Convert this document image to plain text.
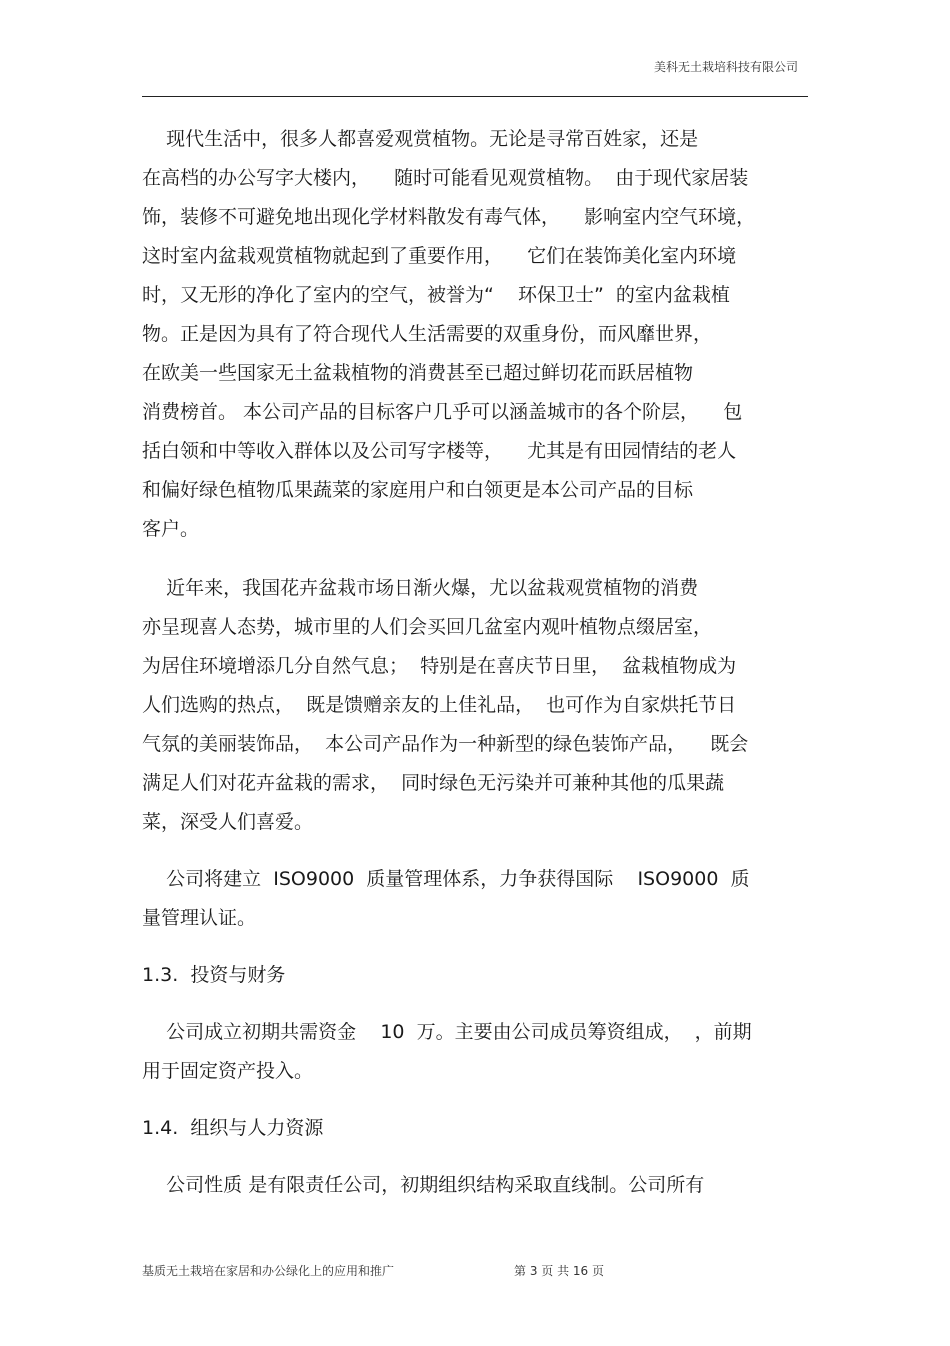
美科无土栽培科技有限公司
现代生活中，很多人都喜爱观赏植物。无论是寻常百姓家，还是
在高档的办公写字大楼内，    随时可能看见观赏植物。  由于现代家居装
饰，装修不可避免地出现化学材料散发有毒气体，    影响室内空气环境，
这时室内盆栽观赏植物就起到了重要作用，    它们在装饰美化室内环境
时，又无形的净化了室内的空气，被誉为“    环保卫士”  的室内盆栽植
物。正是因为具有了符合现代人生活需要的双重身份，而风靡世界，
在欧美一些国家无土盆栽植物的消费甚至已超过鲜切花而跃居植物
消费榜首。 本公司产品的目标客户几乎可以涵盖城市的各个阶层，    包
括白领和中等收入群体以及公司写字楼等，    尤其是有田园情结的老人
和偏好绿色植物瓜果蔬菜的家庭用户和白领更是本公司产品的目标
客户。
近年来，我国花卉盆栽市场日渐火爆，尤以盆栽观赏植物的消费
亦呈现喜人态势，城市里的人们会买回几盆室内观叶植物点缀居室，
为居住环境增添几分自然气息；  特别是在喜庆节日里，  盆栽植物成为
人们选购的热点，  既是馈赠亲友的上佳礼品，  也可作为自家烘托节日
气氛的美丽装饰品，  本公司产品作为一种新型的绿色装饰产品，    既会
满足人们对花卉盆栽的需求，  同时绿色无污染并可兼种其他的瓜果蔬
菜，深受人们喜爱。
公司将建立  ISO9000  质量管理体系，力争获得国际    ISO9000  质
量管理认证。
1.3.  投资与财务
公司成立初期共需资金    10  万。主要由公司成员筹资组成，  ，前期
用于固定资产投入。
1.4.  组织与人力资源
公司性质 是有限责任公司，初期组织结构采取直线制。公司所有
基质无土栽培在家居和办公绿化上的应用和推广	第 3 页 共 16 页
